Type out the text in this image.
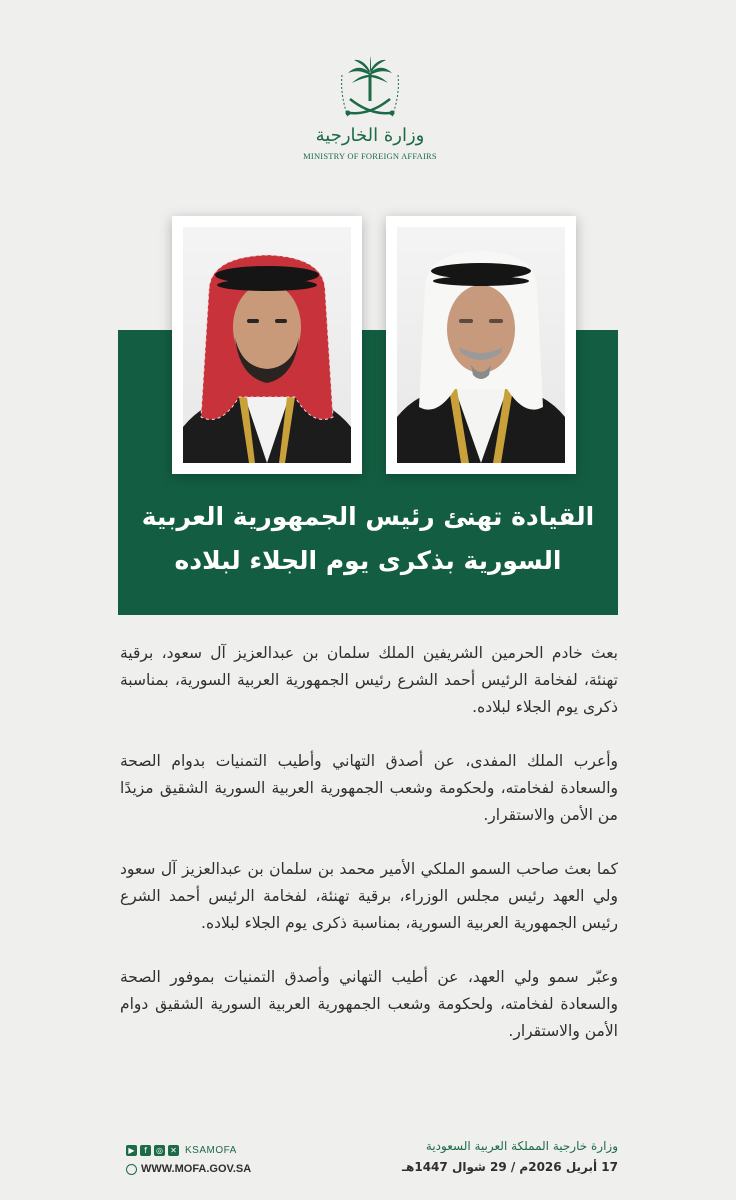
وزارة الخارجية
MINISTRY OF FOREIGN AFFAIRS
القيادة تهنئ رئيس الجمهورية العربية
السورية بذكرى يوم الجلاء لبلاده

بعث خادم الحرمين الشريفين الملك سلمان بن عبدالعزيز آل سعود، برقية تهنئة، لفخامة الرئيس أحمد الشرع رئيس الجمهورية العربية السورية، بمناسبة ذكرى يوم الجلاء لبلاده.

وأعرب الملك المفدى، عن أصدق التهاني وأطيب التمنيات بدوام الصحة والسعادة لفخامته، ولحكومة وشعب الجمهورية العربية السورية الشقيق مزيدًا من الأمن والاستقرار.

كما بعث صاحب السمو الملكي الأمير محمد بن سلمان بن عبدالعزيز آل سعود ولي العهد رئيس مجلس الوزراء، برقية تهنئة، لفخامة الرئيس أحمد الشرع رئيس الجمهورية العربية السورية، بمناسبة ذكرى يوم الجلاء لبلاده.

وعبّر سمو ولي العهد، عن أطيب التهاني وأصدق التمنيات بموفور الصحة والسعادة لفخامته، ولحكومة وشعب الجمهورية العربية السورية الشقيق دوام الأمن والاستقرار.

▶	f	◎ ✕ KSAMOFA
WWW.MOFA.GOV.SA
وزارة خارجية المملكة العربية السعودية
17 أبريل 2026م / 29 شوال 1447هـ
